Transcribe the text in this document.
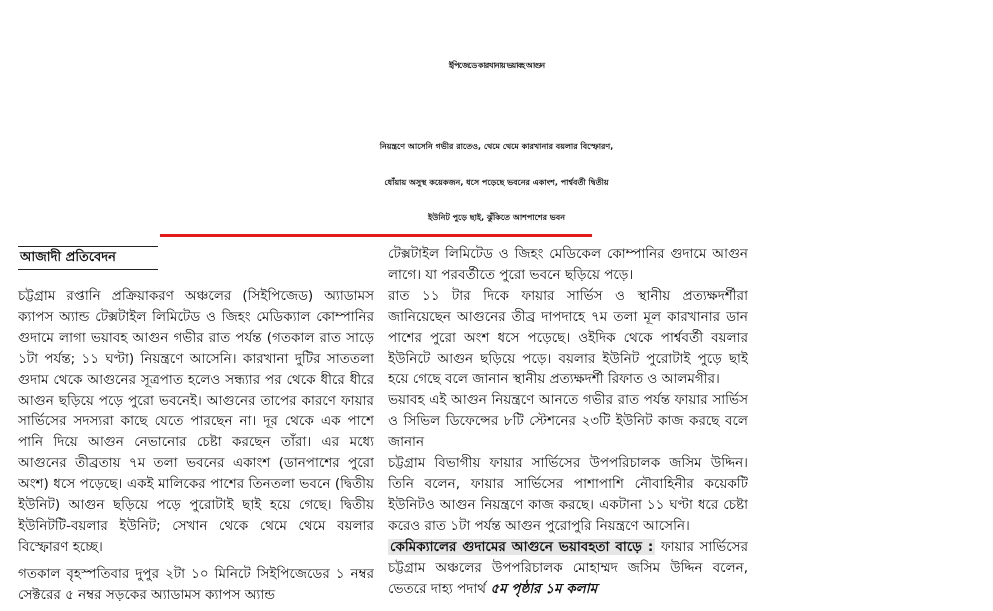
ইপিজেডে কারখানায় ভয়াবহ আগুন
নিয়ন্ত্রণে আসেনি গভীর রাতেও, থেমে থেমে কারখানার বয়লার বিস্ফোরণ,
ধোঁয়ায় অসুস্থ কয়েকজন, ধসে পড়েছে ভবনের একাংশ, পার্শ্ববর্তী দ্বিতীয়
ইউনিট পুড়ে ছাই, ঝুঁকিতে আশপাশের ভবন
আজাদী প্রতিবেদন

চট্টগ্রাম রপ্তানি প্রক্রিয়াকরণ অঞ্চলের (সিইপিজেড) অ্যাডামস ক্যাপস অ্যান্ড টেক্সটাইল লিমিটেড ও জিহং মেডিক্যাল কোম্পানির গুদামে লাগা ভয়াবহ আগুন গভীর রাত পর্যন্ত (গতকাল রাত সাড়ে ১টা পর্যন্ত; ১১ ঘণ্টা) নিয়ন্ত্রণে আসেনি। কারখানা দুটির সাততলা গুদাম থেকে আগুনের সূত্রপাত হলেও সন্ধ্যার পর থেকে ধীরে ধীরে আগুন ছড়িয়ে পড়ে পুরো ভবনেই। আগুনের তাপের কারণে ফায়ার সার্ভিসের সদস্যরা কাছে যেতে পারছেন না। দূর থেকে এক পাশে পানি দিয়ে আগুন নেভানোর চেষ্টা করছেন তাঁরা। এর মধ্যে আগুনের তীব্রতায় ৭ম তলা ভবনের একাংশ (ডানপাশের পুরো অংশ) ধসে পড়েছে। একই মালিকের পাশের তিনতলা ভবনে (দ্বিতীয় ইউনিট) আগুন ছড়িয়ে পড়ে পুরোটাই ছাই হয়ে গেছে। দ্বিতীয় ইউনিটটি-বয়লার ইউনিট; সেখান থেকে থেমে থেমে বয়লার বিস্ফোরণ হচ্ছে।

গতকাল বৃহস্পতিবার দুপুর ২টা ১০ মিনিটে সিইপিজেডের ১ নম্বর সেক্টরের ৫ নম্বর সড়কের অ্যাডামস ক্যাপস অ্যান্ড

টেক্সটাইল লিমিটেড ও জিহং মেডিকেল কোম্পানির গুদামে আগুন লাগে। যা পরবর্তীতে পুরো ভবনে ছড়িয়ে পড়ে।

রাত ১১ টার দিকে ফায়ার সার্ভিস ও স্থানীয় প্রত্যক্ষদর্শীরা জানিয়েছেন আগুনের তীব্র দাপদাহে ৭ম তলা মূল কারখানার ডান পাশের পুরো অংশ ধসে পড়েছে। ওইদিক থেকে পার্শ্ববর্তী বয়লার ইউনিটে আগুন ছড়িয়ে পড়ে। বয়লার ইউনিট পুরোটাই পুড়ে ছাই হয়ে গেছে বলে জানান স্থানীয় প্রত্যক্ষদর্শী রিফাত ও আলমগীর।

ভয়াবহ এই আগুন নিয়ন্ত্রণে আনতে গভীর রাত পর্যন্ত ফায়ার সার্ভিস ও সিভিল ডিফেন্সের ৮টি স্টেশনের ২৩টি ইউনিট কাজ করছে বলে জানান

চট্টগ্রাম বিভাগীয় ফায়ার সার্ভিসের উপপরিচালক জসিম উদ্দিন। তিনি বলেন, ফায়ার সার্ভিসের পাশাপাশি নৌবাহিনীর কয়েকটি ইউনিটও আগুন নিয়ন্ত্রণে কাজ করছে। একটানা ১১ ঘণ্টা ধরে চেষ্টা করেও রাত ১টা পর্যন্ত আগুন পুরোপুরি নিয়ন্ত্রণে আসেনি।

কেমিক্যালের গুদামের আগুনে ভয়াবহতা বাড়ে : ফায়ার সার্ভিসের চট্টগ্রাম অঞ্চলের উপপরিচালক মোহাম্মদ জসিম উদ্দিন বলেন, ভেতরে দাহ্য পদার্থ ৫ম পৃষ্ঠার ১ম কলাম
